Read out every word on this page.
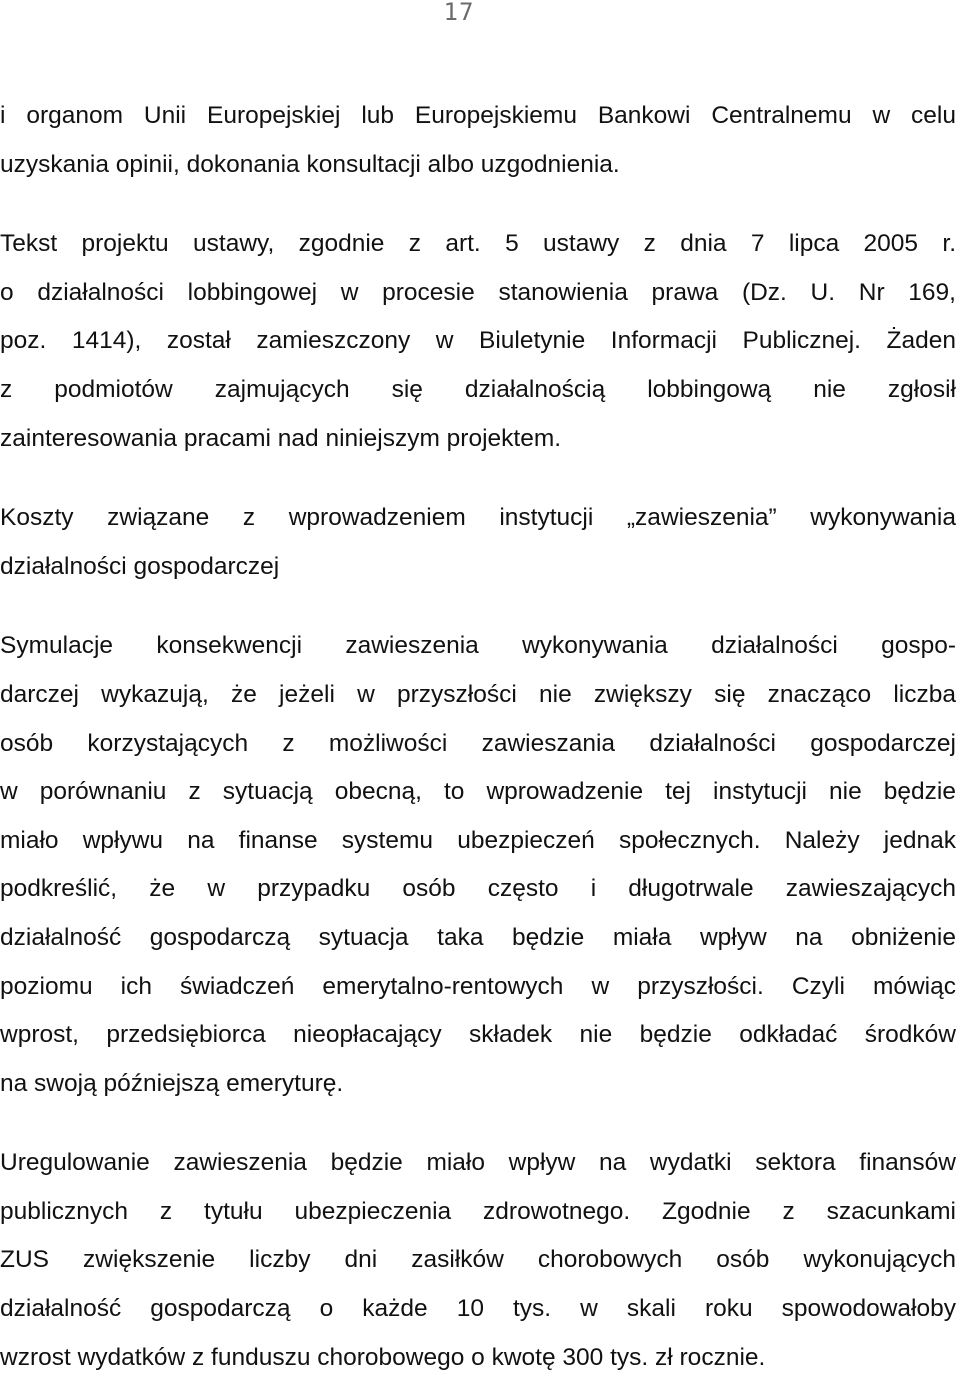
17
i organom Unii Europejskiej lub Europejskiemu Bankowi Centralnemu w celu
uzyskania opinii, dokonania konsultacji albo uzgodnienia.
Tekst projektu ustawy, zgodnie z art. 5 ustawy z dnia 7 lipca 2005 r.
o działalności lobbingowej w procesie stanowienia prawa (Dz. U. Nr 169,
poz. 1414), został zamieszczony w Biuletynie Informacji Publicznej. Żaden
z podmiotów zajmujących się działalnością lobbingową nie zgłosił
zainteresowania pracami nad niniejszym projektem.
Koszty związane z wprowadzeniem instytucji „zawieszenia” wykonywania
działalności gospodarczej
Symulacje konsekwencji zawieszenia wykonywania działalności gospo-
darczej wykazują, że jeżeli w przyszłości nie zwiększy się znacząco liczba
osób korzystających z możliwości zawieszania działalności gospodarczej
w porównaniu z sytuacją obecną, to wprowadzenie tej instytucji nie będzie
miało wpływu na finanse systemu ubezpieczeń społecznych. Należy jednak
podkreślić, że w przypadku osób często i długotrwale zawieszających
działalność gospodarczą sytuacja taka będzie miała wpływ na obniżenie
poziomu ich świadczeń emerytalno-rentowych w przyszłości. Czyli mówiąc
wprost, przedsiębiorca nieopłacający składek nie będzie odkładać środków
na swoją późniejszą emeryturę.
Uregulowanie zawieszenia będzie miało wpływ na wydatki sektora finansów
publicznych z tytułu ubezpieczenia zdrowotnego. Zgodnie z szacunkami
ZUS zwiększenie liczby dni zasiłków chorobowych osób wykonujących
działalność gospodarczą o każde 10 tys. w skali roku spowodowałoby
wzrost wydatków z funduszu chorobowego o kwotę 300 tys. zł rocznie.
